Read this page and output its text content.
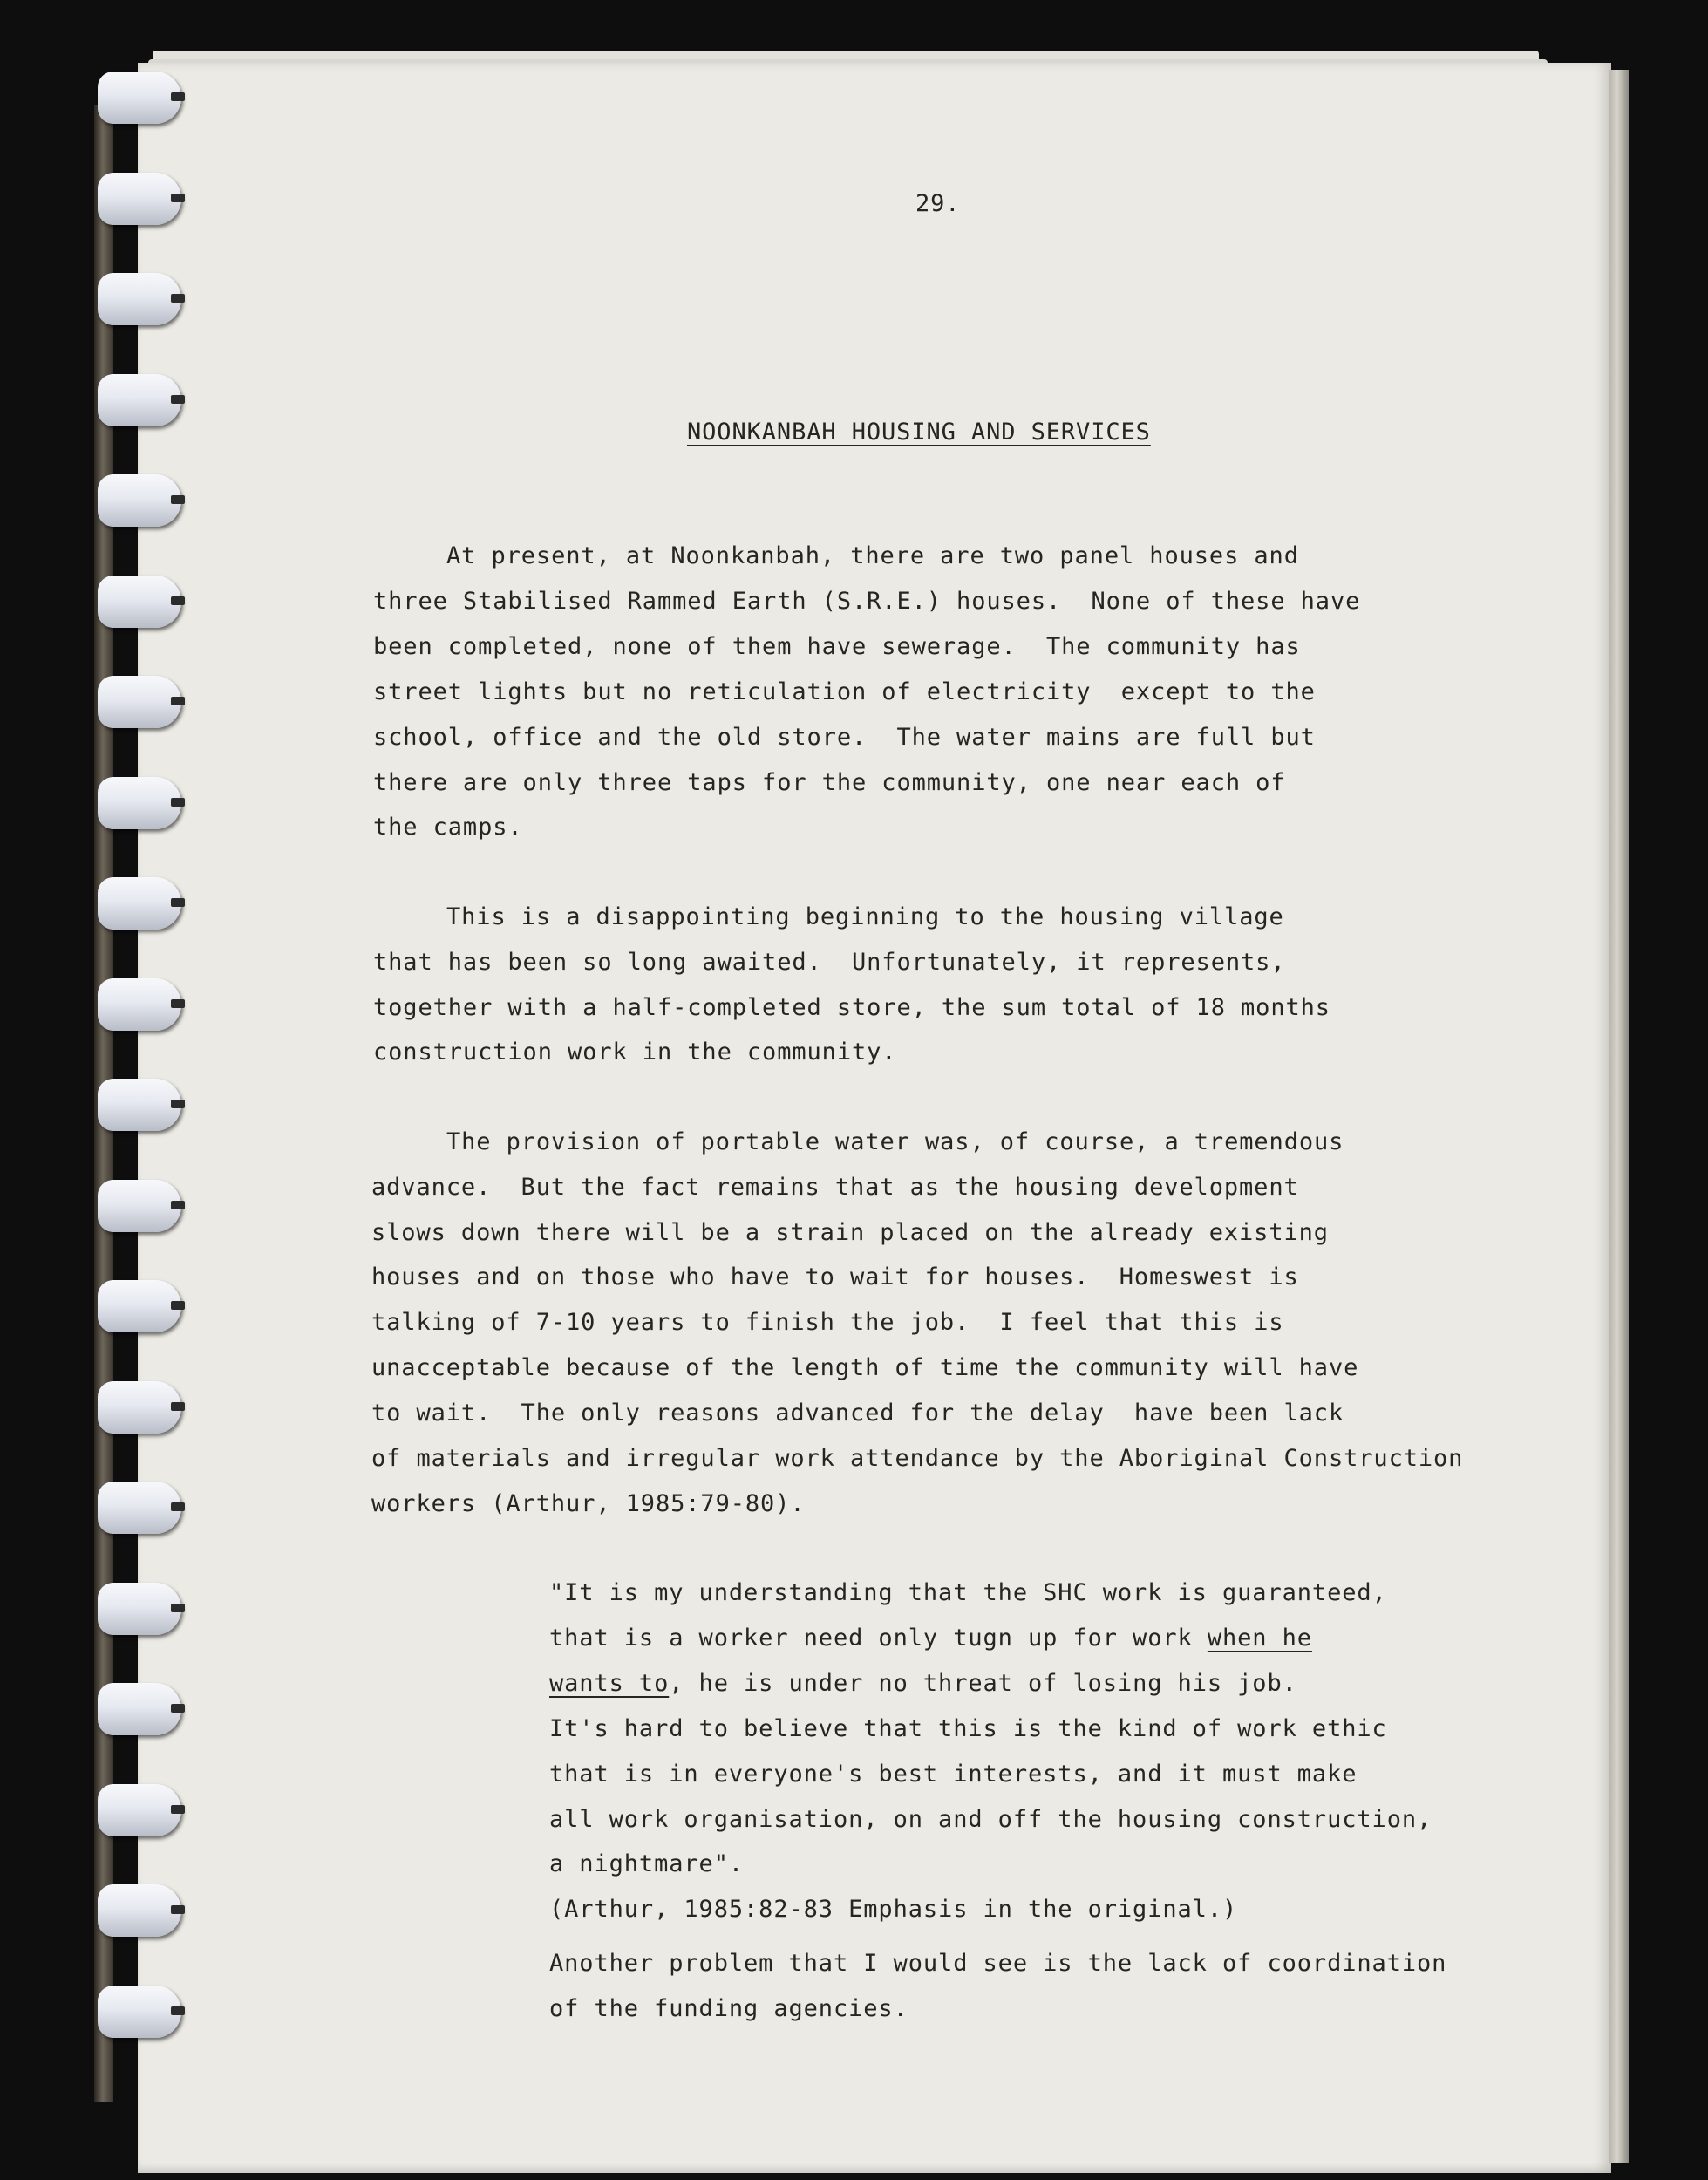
29.

NOONKANBAH HOUSING AND SERVICES

At present, at Noonkanbah, there are two panel houses and

three Stabilised Rammed Earth (S.R.E.) houses.  None of these have

been completed, none of them have sewerage.  The community has

street lights but no reticulation of electricity  except to the

school, office and the old store.  The water mains are full but

there are only three taps for the community, one near each of

the camps.

This is a disappointing beginning to the housing village

that has been so long awaited.  Unfortunately, it represents,

together with a half-completed store, the sum total of 18 months

construction work in the community.

The provision of portable water was, of course, a tremendous

advance.  But the fact remains that as the housing development

slows down there will be a strain placed on the already existing

houses and on those who have to wait for houses.  Homeswest is

talking of 7-10 years to finish the job.  I feel that this is

unacceptable because of the length of time the community will have

to wait.  The only reasons advanced for the delay  have been lack

of materials and irregular work attendance by the Aboriginal Construction

workers (Arthur, 1985:79-80).

"It is my understanding that the SHC work is guaranteed,

that is a worker need only tugn up for work when he

wants to, he is under no threat of losing his job.

It's hard to believe that this is the kind of work ethic

that is in everyone's best interests, and it must make

all work organisation, on and off the housing construction,

a nightmare".

(Arthur, 1985:82-83 Emphasis in the original.)

Another problem that I would see is the lack of coordination

of the funding agencies.
